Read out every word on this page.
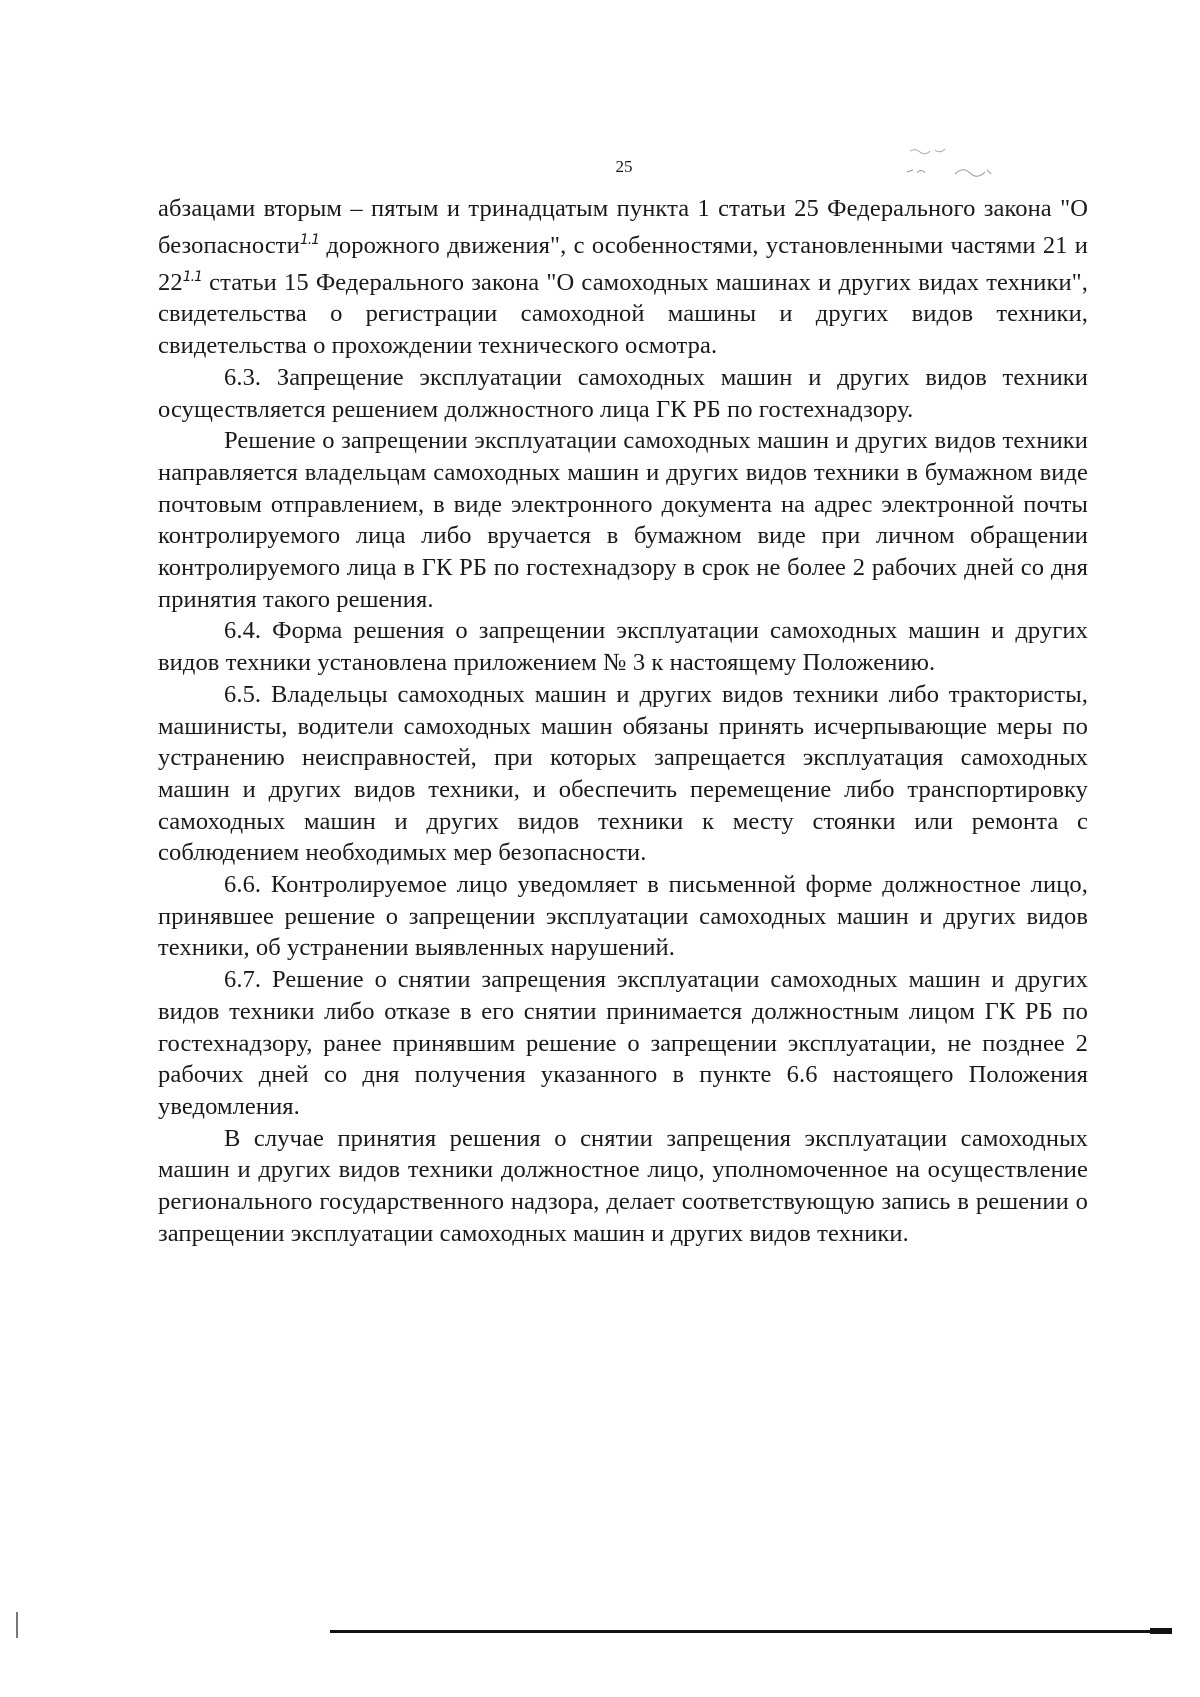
25

абзацами вторым – пятым и тринадцатым пункта 1 статьи 25 Федерального закона "О безопасности$^{1.1}$ дорожного движения", с особенностями, установленными частями 21 и $22^{1.1}$ статьи 15 Федерального закона "О самоходных машинах и других видах техники", свидетельства о регистрации самоходной машины и других видов техники, свидетельства о прохождении технического осмотра.

6.3. Запрещение эксплуатации самоходных машин и других видов техники осуществляется решением должностного лица ГК РБ по гостехнадзору.

Решение о запрещении эксплуатации самоходных машин и других видов техники направляется владельцам самоходных машин и других видов техники в бумажном виде почтовым отправлением, в виде электронного документа на адрес электронной почты контролируемого лица либо вручается в бумажном виде при личном обращении контролируемого лица в ГК РБ по гостехнадзору в срок не более 2 рабочих дней со дня принятия такого решения.

6.4. Форма решения о запрещении эксплуатации самоходных машин и других видов техники установлена приложением № 3 к настоящему Положению.

6.5. Владельцы самоходных машин и других видов техники либо трактористы, машинисты, водители самоходных машин обязаны принять исчерпывающие меры по устранению неисправностей, при которых запрещается эксплуатация самоходных машин и других видов техники, и обеспечить перемещение либо транспортировку самоходных машин и других видов техники к месту стоянки или ремонта с соблюдением необходимых мер безопасности.

6.6. Контролируемое лицо уведомляет в письменной форме должностное лицо, принявшее решение о запрещении эксплуатации самоходных машин и других видов техники, об устранении выявленных нарушений.

6.7. Решение о снятии запрещения эксплуатации самоходных машин и других видов техники либо отказе в его снятии принимается должностным лицом ГК РБ по гостехнадзору, ранее принявшим решение о запрещении эксплуатации, не позднее 2 рабочих дней со дня получения указанного в пункте 6.6 настоящего Положения уведомления.

В случае принятия решения о снятии запрещения эксплуатации самоходных машин и других видов техники должностное лицо, уполномоченное на осуществление регионального государственного надзора, делает соответствующую запись в решении о запрещении эксплуатации самоходных машин и других видов техники.
